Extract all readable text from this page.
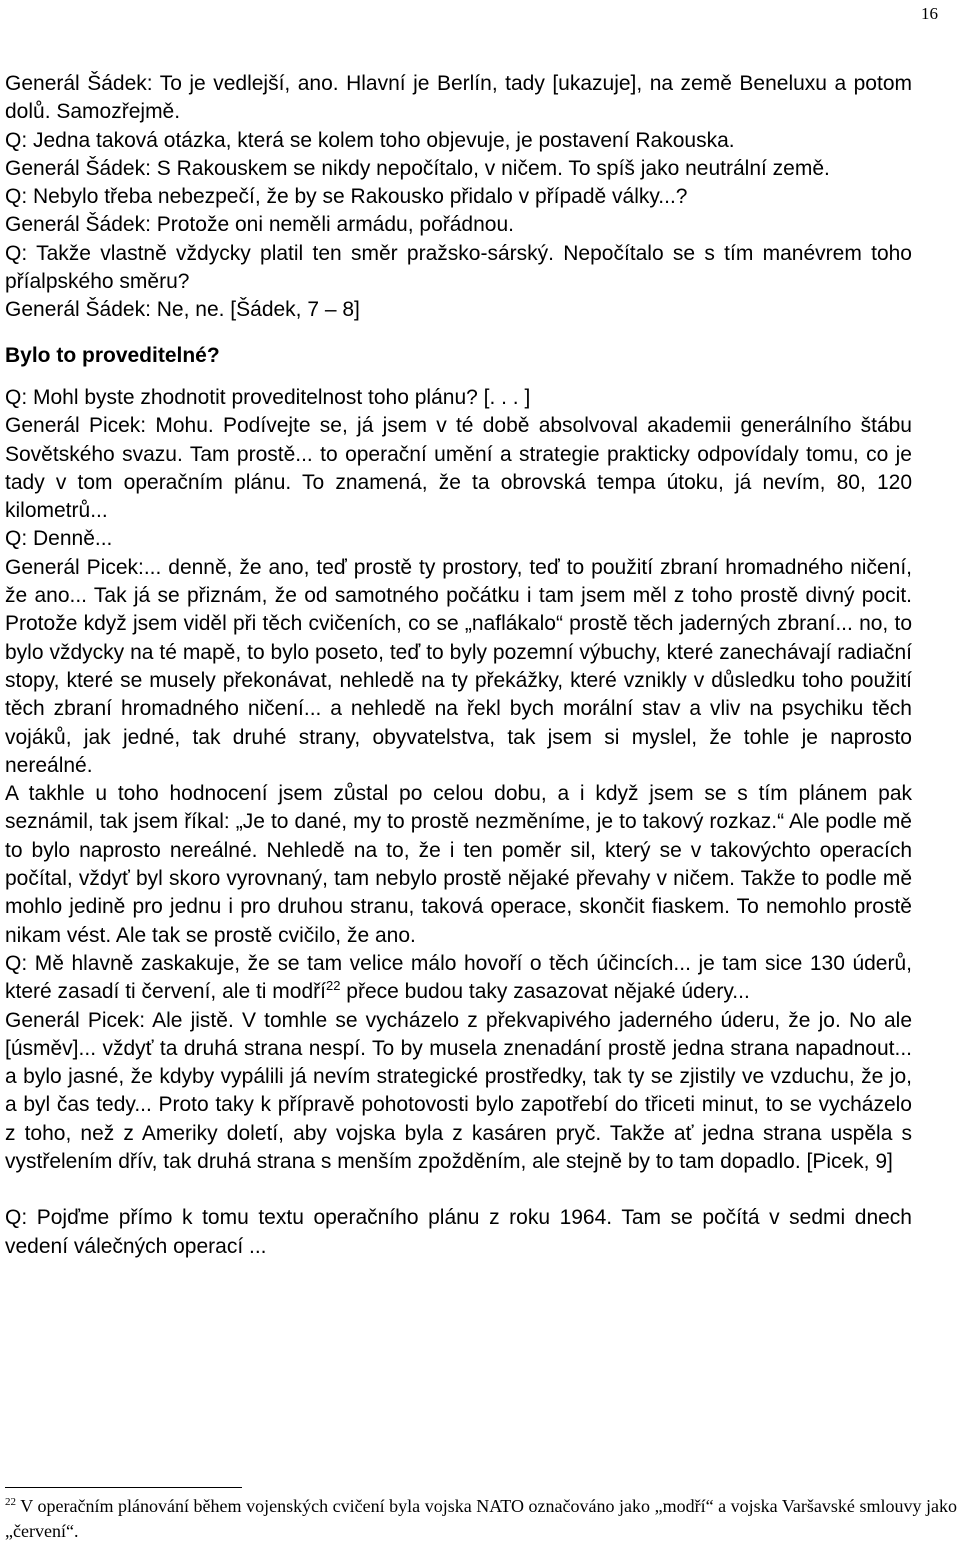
16

Generál Šádek: To je vedlejší, ano. Hlavní je Berlín, tady [ukazuje], na země Beneluxu a potom dolů. Samozřejmě.

Q: Jedna taková otázka, která se kolem toho objevuje, je postavení Rakouska.

Generál Šádek: S Rakouskem se nikdy nepočítalo, v ničem. To spíš jako neutrální země.

Q: Nebylo třeba nebezpečí, že by se Rakousko přidalo v případě války...?

Generál Šádek: Protože oni neměli armádu, pořádnou.

Q: Takže vlastně vždycky platil ten směr pražsko-sárský. Nepočítalo se s tím manévrem toho příalpského směru?

Generál Šádek: Ne, ne. [Šádek, 7 – 8]

Bylo to proveditelné?

Q: Mohl byste zhodnotit proveditelnost toho plánu? [. . . ]

Generál Picek: Mohu. Podívejte se, já jsem v té době absolvoval akademii generálního štábu Sovětského svazu. Tam prostě... to operační umění a strategie prakticky odpovídaly tomu, co je tady v tom operačním plánu. To znamená, že ta obrovská tempa útoku, já nevím, 80, 120 kilometrů...

Q: Denně...

Generál Picek:... denně, že ano, teď prostě ty prostory, teď to použití zbraní hromadného ničení, že ano... Tak já se přiznám, že od samotného počátku i tam jsem měl z toho prostě divný pocit. Protože když jsem viděl při těch cvičeních, co se „naflákalo“ prostě těch jaderných zbraní... no, to bylo vždycky na té mapě, to bylo poseto, teď to byly pozemní výbuchy, které zanechávají radiační stopy, které se musely překonávat, nehledě na ty překážky, které vznikly v důsledku toho použití těch zbraní hromadného ničení... a nehledě na řekl bych morální stav a vliv na psychiku těch vojáků, jak jedné, tak druhé strany, obyvatelstva, tak jsem si myslel, že tohle je naprosto nereálné.

A takhle u toho hodnocení jsem zůstal po celou dobu, a i když jsem se s tím plánem pak seznámil, tak jsem říkal: „Je to dané, my to prostě nezměníme, je to takový rozkaz.“ Ale podle mě to bylo naprosto nereálné. Nehledě na to, že i ten poměr sil, který se v takovýchto operacích počítal, vždyť byl skoro vyrovnaný, tam nebylo prostě nějaké převahy v ničem. Takže to podle mě mohlo jedině pro jednu i pro druhou stranu, taková operace, skončit fiaskem. To nemohlo prostě nikam vést. Ale tak se prostě cvičilo, že ano.

Q: Mě hlavně zaskakuje, že se tam velice málo hovoří o těch účincích... je tam sice 130 úderů, které zasadí ti červení, ale ti modří$^{22}$ přece budou taky zasazovat nějaké údery...

Generál Picek: Ale jistě. V tomhle se vycházelo z překvapivého jaderného úderu, že jo. No ale [úsměv]... vždyť ta druhá strana nespí. To by musela znenadání prostě jedna strana napadnout... a bylo jasné, že kdyby vypálili já nevím strategické prostředky, tak ty se zjistily ve vzduchu, že jo, a byl čas tedy... Proto taky k přípravě pohotovosti bylo zapotřebí do třiceti minut, to se vycházelo z toho, než z Ameriky doletí, aby vojska byla z kasáren pryč. Takže ať jedna strana uspěla s vystřelením dřív, tak druhá strana s menším zpožděním, ale stejně by to tam dopadlo. [Picek, 9]

Q: Pojďme přímo k tomu textu operačního plánu z roku 1964. Tam se počítá v sedmi dnech vedení válečných operací ...

$^{22}$ V operačním plánování během vojenských cvičení byla vojska NATO označováno jako „modří“ a vojska Varšavské smlouvy jako „červení“.
